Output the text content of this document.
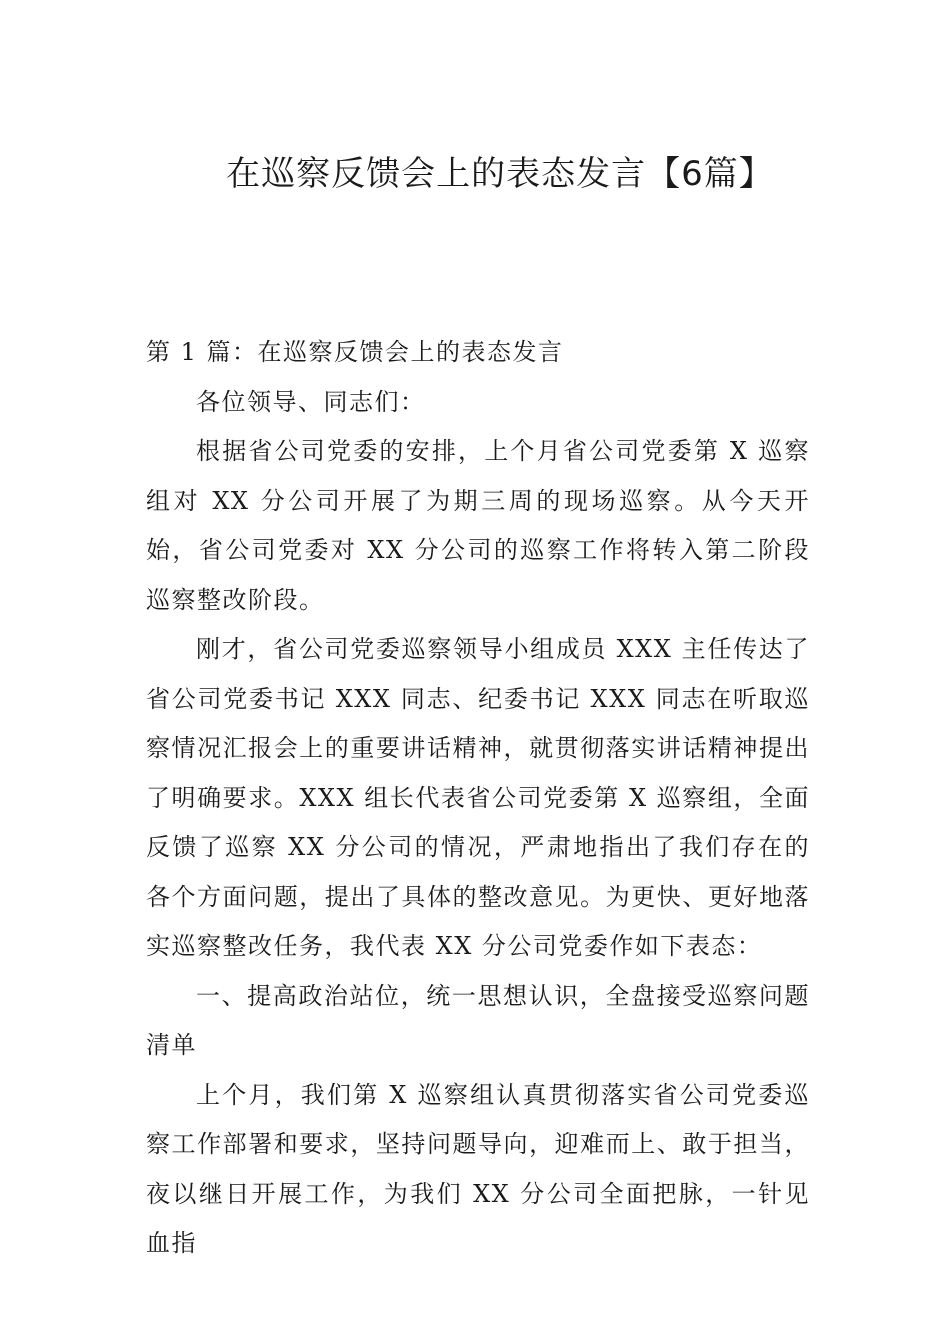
在巡察反馈会上的表态发言【6篇】

第 1 篇：在巡察反馈会上的表态发言

各位领导、同志们：

根据省公司党委的安排，上个月省公司党委第 X 巡察组对 XX 分公司开展了为期三周的现场巡察。从今天开始，省公司党委对 XX 分公司的巡察工作将转入第二阶段巡察整改阶段。

刚才，省公司党委巡察领导小组成员 XXX 主任传达了省公司党委书记 XXX 同志、纪委书记 XXX 同志在听取巡察情况汇报会上的重要讲话精神，就贯彻落实讲话精神提出了明确要求。XXX 组长代表省公司党委第 X 巡察组，全面反馈了巡察 XX 分公司的情况，严肃地指出了我们存在的各个方面问题，提出了具体的整改意见。为更快、更好地落实巡察整改任务，我代表 XX 分公司党委作如下表态：

一、提高政治站位，统一思想认识，全盘接受巡察问题清单

上个月，我们第 X 巡察组认真贯彻落实省公司党委巡察工作部署和要求，坚持问题导向，迎难而上、敢于担当，夜以继日开展工作，为我们 XX 分公司全面把脉，一针见血指
